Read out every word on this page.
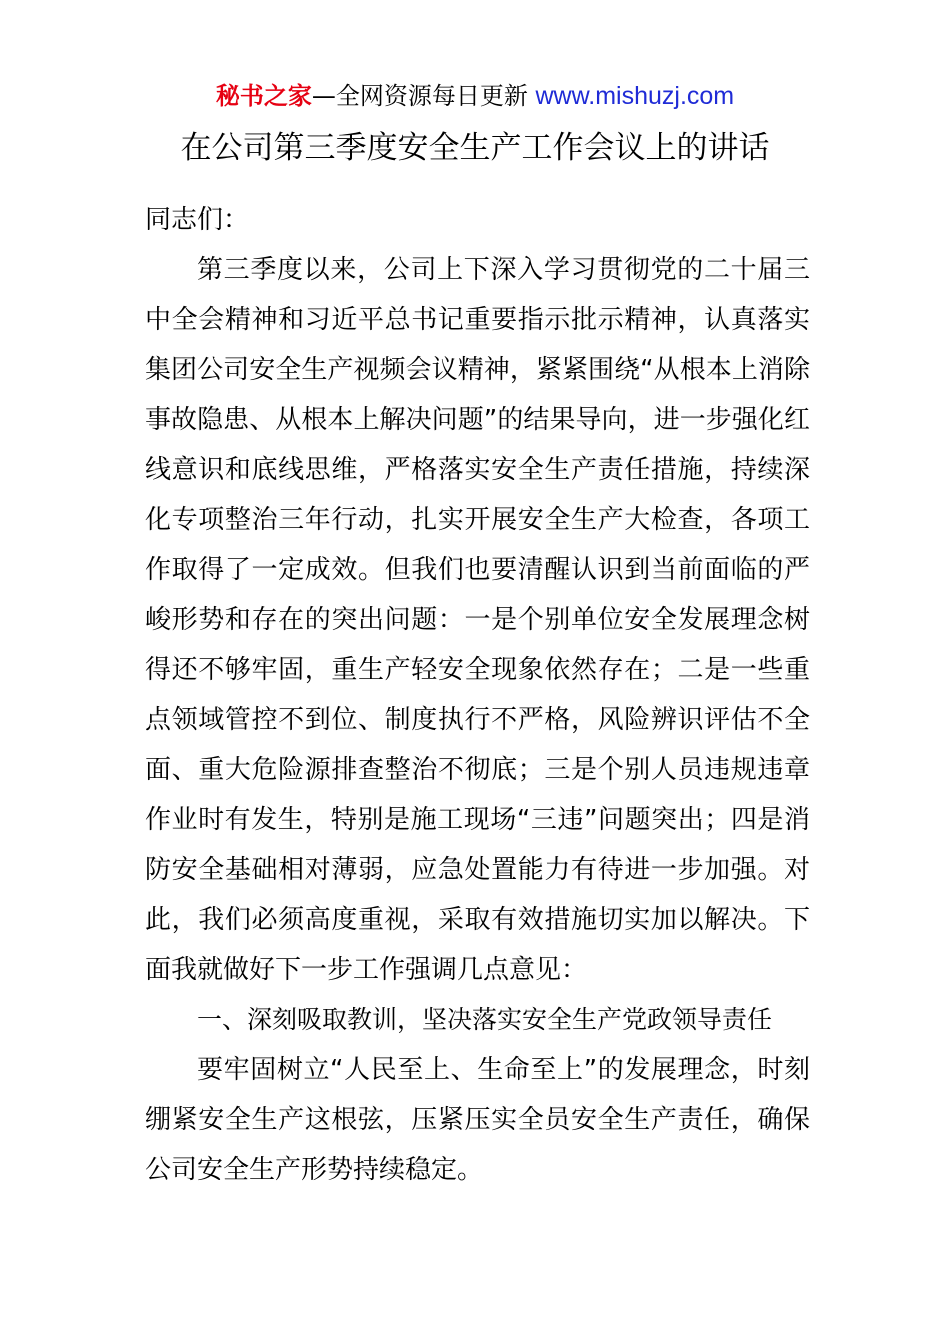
秘书之家—全网资源每日更新 www.mishuzj.com
在公司第三季度安全生产工作会议上的讲话

同志们：

第三季度以来，公司上下深入学习贯彻党的二十届三中全会精神和习近平总书记重要指示批示精神，认真落实集团公司安全生产视频会议精神，紧紧围绕“从根本上消除事故隐患、从根本上解决问题”的结果导向，进一步强化红线意识和底线思维，严格落实安全生产责任措施，持续深化专项整治三年行动，扎实开展安全生产大检查，各项工作取得了一定成效。但我们也要清醒认识到当前面临的严峻形势和存在的突出问题：一是个别单位安全发展理念树得还不够牢固，重生产轻安全现象依然存在；二是一些重点领域管控不到位、制度执行不严格，风险辨识评估不全面、重大危险源排查整治不彻底；三是个别人员违规违章作业时有发生，特别是施工现场“三违”问题突出；四是消防安全基础相对薄弱，应急处置能力有待进一步加强。对此，我们必须高度重视，采取有效措施切实加以解决。下面我就做好下一步工作强调几点意见：

一、深刻吸取教训，坚决落实安全生产党政领导责任

要牢固树立“人民至上、生命至上”的发展理念，时刻绷紧安全生产这根弦，压紧压实全员安全生产责任，确保公司安全生产形势持续稳定。
